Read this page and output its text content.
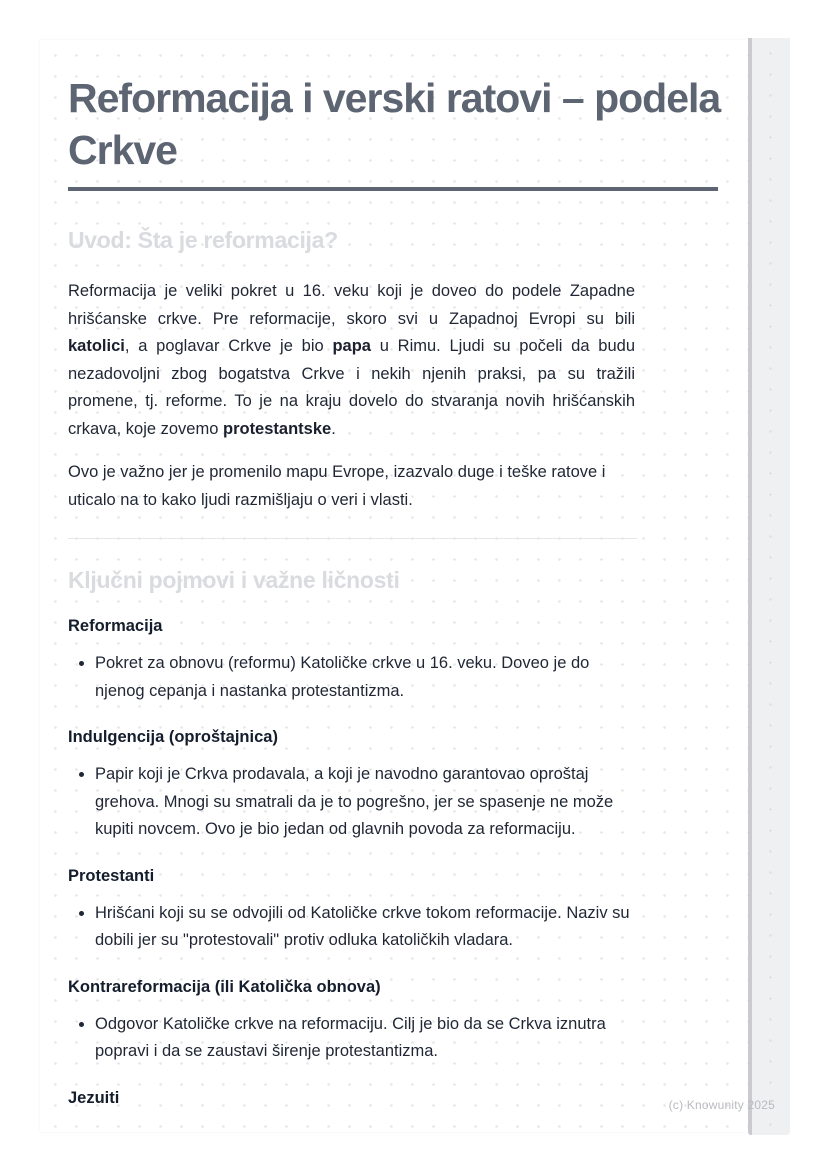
Reformacija i verski ratovi – podela Crkve
Uvod: Šta je reformacija?

Reformacija je veliki pokret u 16. veku koji je doveo do podele Zapadne hrišćanske crkve. Pre reformacije, skoro svi u Zapadnoj Evropi su bili katolici, a poglavar Crkve je bio papa u Rimu. Ljudi su počeli da budu nezadovoljni zbog bogatstva Crkve i nekih njenih praksi, pa su tražili promene, tj. reforme. To je na kraju dovelo do stvaranja novih hrišćanskih crkava, koje zovemo protestantske.

Ovo je važno jer je promenilo mapu Evrope, izazvalo duge i teške ratove i uticalo na to kako ljudi razmišljaju o veri i vlasti.

Ključni pojmovi i važne ličnosti
Reformacija
• Pokret za obnovu (reformu) Katoličke crkve u 16. veku. Doveo je do njenog cepanja i nastanka protestantizma.
Indulgencija (oproštajnica)
• Papir koji je Crkva prodavala, a koji je navodno garantovao oproštaj grehova. Mnogi su smatrali da je to pogrešno, jer se spasenje ne može kupiti novcem. Ovo je bio jedan od glavnih povoda za reformaciju.
Protestanti
• Hrišćani koji su se odvojili od Katoličke crkve tokom reformacije. Naziv su dobili jer su "protestovali" protiv odluka katoličkih vladara.
Kontrareformacija (ili Katolička obnova)
• Odgovor Katoličke crkve na reformaciju. Cilj je bio da se Crkva iznutra popravi i da se zaustavi širenje protestantizma.
Jezuiti	(c) Knowunity 2025
